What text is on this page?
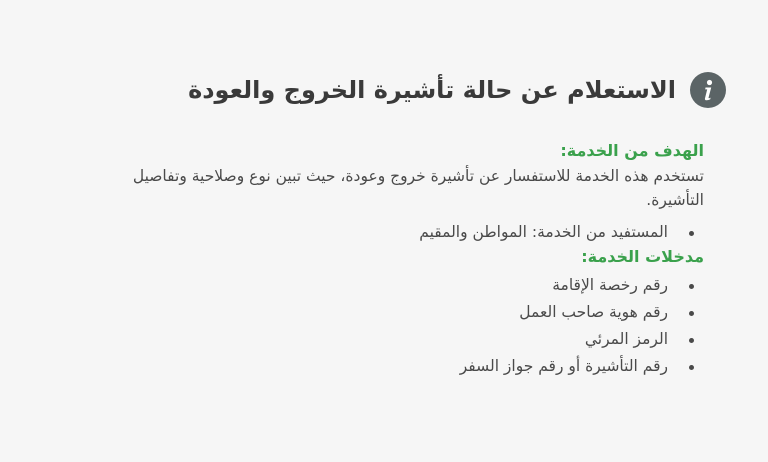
الاستعلام عن حالة تأشيرة الخروج والعودة

الهدف من الخدمة:

تستخدم هذه الخدمة للاستفسار عن تأشيرة خروج وعودة، حيث تبين نوع وصلاحية وتفاصيل التأشيرة.

المستفيد من الخدمة: المواطن والمقيم

مدخلات الخدمة:

رقم رخصة الإقامة
رقم هوية صاحب العمل
الرمز المرئي
رقم التأشيرة أو رقم جواز السفر
